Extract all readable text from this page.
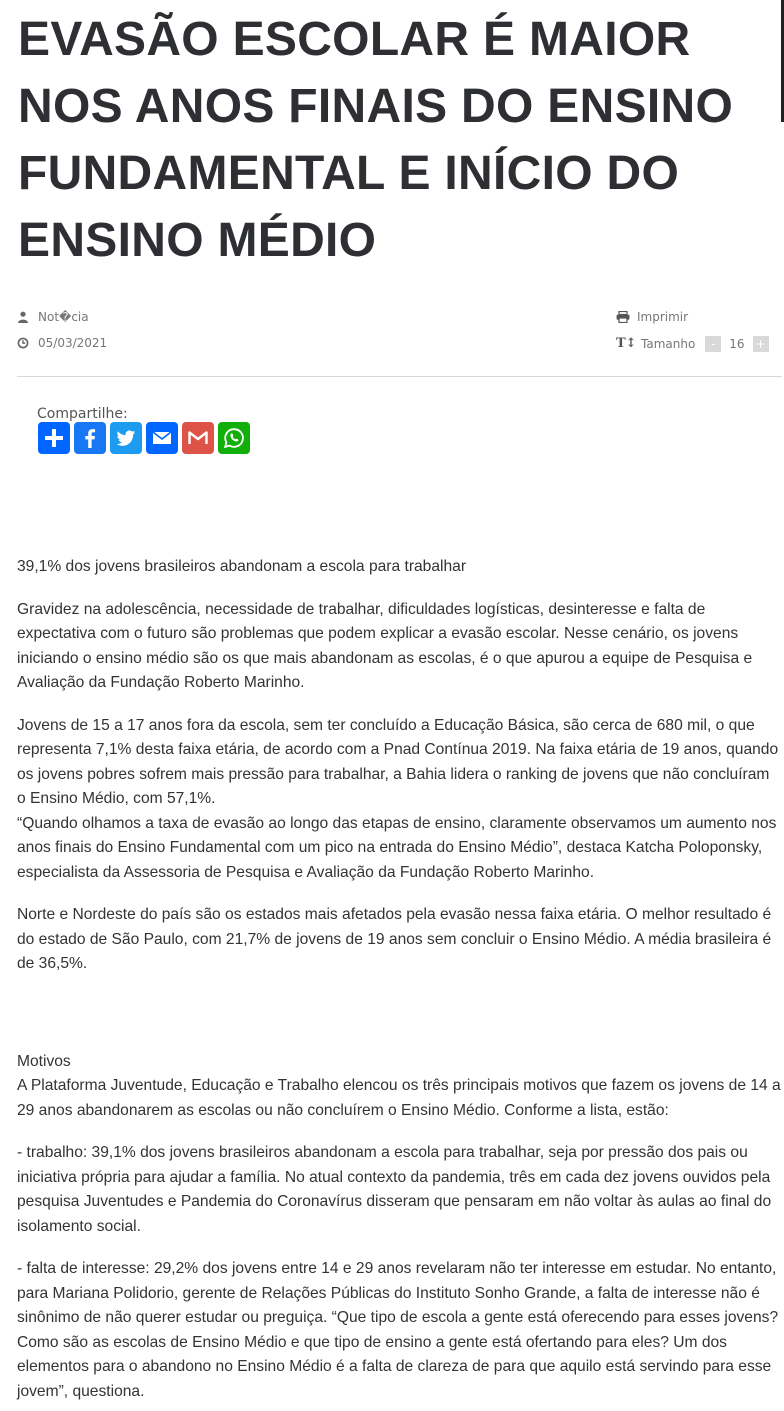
EVASÃO ESCOLAR É MAIOR NOS ANOS FINAIS DO ENSINO FUNDAMENTAL E INÍCIO DO ENSINO MÉDIO
Not�cia
05/03/2021
Imprimir
T↕ Tamanho	-	16 +
Compartilhe:

39,1% dos jovens brasileiros abandonam a escola para trabalhar

Gravidez na adolescência, necessidade de trabalhar, dificuldades logísticas, desinteresse e falta de expectativa com o futuro são problemas que podem explicar a evasão escolar. Nesse cenário, os jovens iniciando o ensino médio são os que mais abandonam as escolas, é o que apurou a equipe de Pesquisa e Avaliação da Fundação Roberto Marinho.

Jovens de 15 a 17 anos fora da escola, sem ter concluído a Educação Básica, são cerca de 680 mil, o que representa 7,1% desta faixa etária, de acordo com a Pnad Contínua 2019. Na faixa etária de 19 anos, quando os jovens pobres sofrem mais pressão para trabalhar, a Bahia lidera o ranking de jovens que não concluíram o Ensino Médio, com 57,1%.

“Quando olhamos a taxa de evasão ao longo das etapas de ensino, claramente observamos um aumento nos anos finais do Ensino Fundamental com um pico na entrada do Ensino Médio”, destaca Katcha Poloponsky, especialista da Assessoria de Pesquisa e Avaliação da Fundação Roberto Marinho.

Norte e Nordeste do país são os estados mais afetados pela evasão nessa faixa etária. O melhor resultado é do estado de São Paulo, com 21,7% de jovens de 19 anos sem concluir o Ensino Médio. A média brasileira é de 36,5%.

Motivos

A Plataforma Juventude, Educação e Trabalho elencou os três principais motivos que fazem os jovens de 14 a 29 anos abandonarem as escolas ou não concluírem o Ensino Médio. Conforme a lista, estão:

- trabalho: 39,1% dos jovens brasileiros abandonam a escola para trabalhar, seja por pressão dos pais ou iniciativa própria para ajudar a família. No atual contexto da pandemia, três em cada dez jovens ouvidos pela pesquisa Juventudes e Pandemia do Coronavírus disseram que pensaram em não voltar às aulas ao final do isolamento social.

- falta de interesse: 29,2% dos jovens entre 14 e 29 anos revelaram não ter interesse em estudar. No entanto, para Mariana Polidorio, gerente de Relações Públicas do Instituto Sonho Grande, a falta de interesse não é sinônimo de não querer estudar ou preguiça. “Que tipo de escola a gente está oferecendo para esses jovens? Como são as escolas de Ensino Médio e que tipo de ensino a gente está ofertando para eles? Um dos elementos para o abandono no Ensino Médio é a falta de clareza de para que aquilo está servindo para esse jovem”, questiona.
